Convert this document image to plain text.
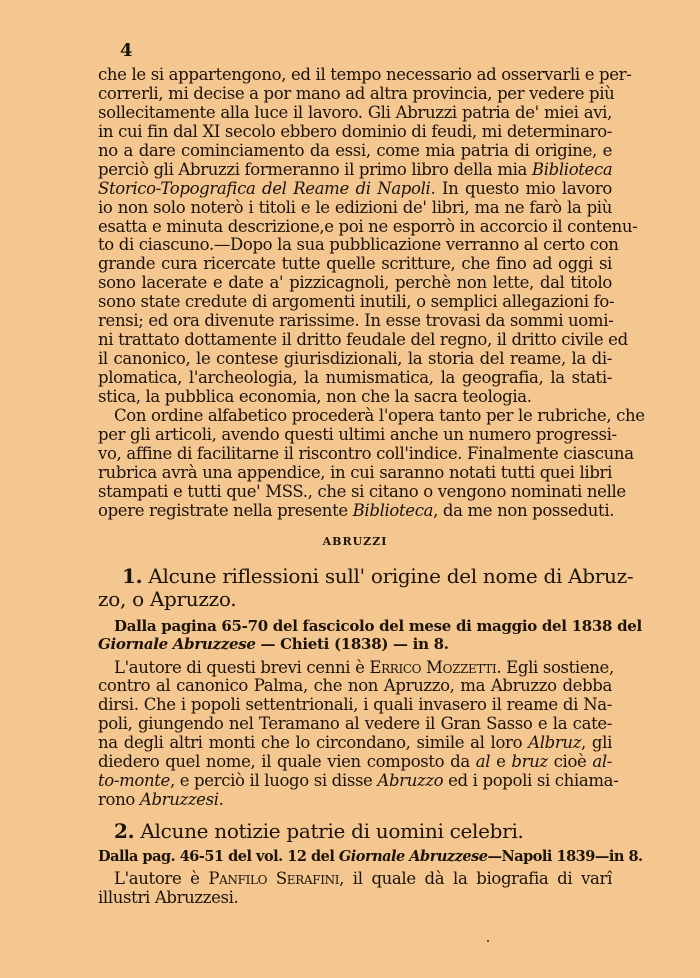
4
che le si appartengono, ed il tempo necessario ad osservarli e per-
correrli, mi decise a por mano ad altra provincia, per vedere più
sollecitamente alla luce il lavoro. Gli Abruzzi patria de' miei avi,
in cui fin dal XI secolo ebbero dominio di feudi, mi determinaro-
no a dare cominciamento da essi, come mia patria di origine, e
perciò gli Abruzzi formeranno il primo libro della mia Biblioteca
Storico-Topografica del Reame di Napoli. In questo mio lavoro
io non solo noterò i titoli e le edizioni de' libri, ma ne farò la più
esatta e minuta descrizione,e poi ne esporrò in accorcio il contenu-
to di ciascuno.—Dopo la sua pubblicazione verranno al certo con
grande cura ricercate tutte quelle scritture, che fino ad oggi si
sono lacerate e date a' pizzicagnoli, perchè non lette, dal titolo
sono state credute di argomenti inutili, o semplici allegazioni fo-
rensi; ed ora divenute rarissime. In esse trovasi da sommi uomi-
ni trattato dottamente il dritto feudale del regno, il dritto civile ed
il canonico, le contese giurisdizionali, la storia del reame, la di-
plomatica, l'archeologia, la numismatica, la geografia, la stati-
stica, la pubblica economia, non che la sacra teologia.
Con ordine alfabetico procederà l'opera tanto per le rubriche, che
per gli articoli, avendo questi ultimi anche un numero progressi-
vo, affine di facilitarne il riscontro coll'indice. Finalmente ciascuna
rubrica avrà una appendice, in cui saranno notati tutti quei libri
stampati e tutti que' MSS., che si citano o vengono nominati nelle
opere registrate nella presente Biblioteca, da me non posseduti.
ABRUZZI
1. Alcune riflessioni sull' origine del nome di Abruz-
zo, o Apruzzo.
Dalla pagina 65-70 del fascicolo del mese di maggio del 1838 del
Giornale Abruzzese — Chieti (1838) — in 8.
L'autore di questi brevi cenni è Errico Mozzetti. Egli sostiene,
contro al canonico Palma, che non Apruzzo, ma Abruzzo debba
dirsi. Che i popoli settentrionali, i quali invasero il reame di Na-
poli, giungendo nel Teramano al vedere il Gran Sasso e la cate-
na degli altri monti che lo circondano, simile al loro Albruz, gli
diedero quel nome, il quale vien composto da al e bruz cioè al-
to-monte, e perciò il luogo si disse Abruzzo ed i popoli si chiama-
rono Abruzzesi.
2. Alcune notizie patrie di uomini celebri.
Dalla pag. 46-51 del vol. 12 del Giornale Abruzzese—Napoli 1839—in 8.
L'autore è Panfilo Serafini, il quale dà la biografia di varî
illustri Abruzzesi.
